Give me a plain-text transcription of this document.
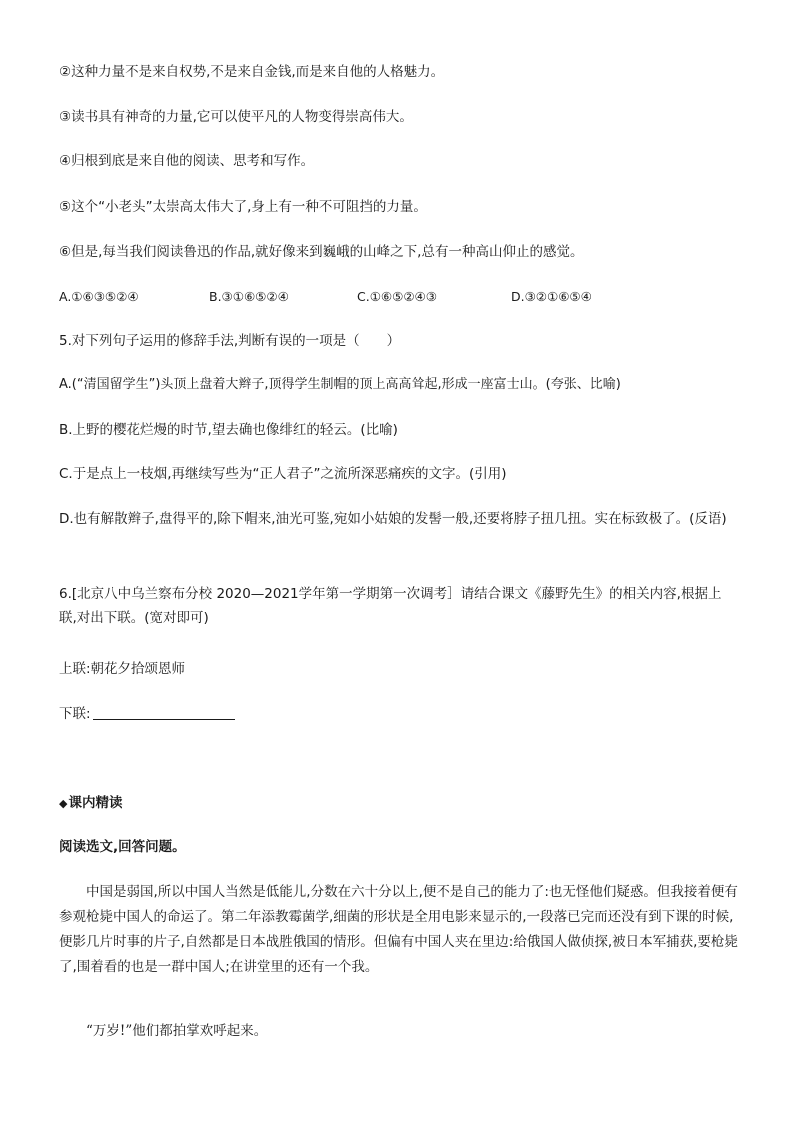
②这种力量不是来自权势,不是来自金钱,而是来自他的人格魅力。
③读书具有神奇的力量,它可以使平凡的人物变得崇高伟大。
④归根到底是来自他的阅读、思考和写作。
⑤这个“小老头”太崇高太伟大了,身上有一种不可阻挡的力量。
⑥但是,每当我们阅读鲁迅的作品,就好像来到巍峨的山峰之下,总有一种高山仰止的感觉。
A.①⑥③⑤②④	B.③①⑥⑤②④	C.①⑥⑤②④③	D.③②①⑥⑤④
5.对下列句子运用的修辞手法,判断有误的一项是（　　）
A.(“清国留学生”)头顶上盘着大辫子,顶得学生制帽的顶上高高耸起,形成一座富士山。(夸张、比喻)
B.上野的樱花烂熳的时节,望去确也像绯红的轻云。(比喻)
C.于是点上一枝烟,再继续写些为“正人君子”之流所深恶痛疾的文字。(引用)
D.也有解散辫子,盘得平的,除下帽来,油光可鉴,宛如小姑娘的发髻一般,还要将脖子扭几扭。实在标致极了。(反语)
6.[北京八中乌兰察布分校 2020—2021学年第一学期第一次调考］请结合课文《藤野先生》的相关内容,根据上联,对出下联。(宽对即可)
上联:朝花夕拾颂恩师
下联:
◆课内精读
阅读选文,回答问题。
中国是弱国,所以中国人当然是低能儿,分数在六十分以上,便不是自己的能力了:也无怪他们疑惑。但我接着便有参观枪毙中国人的命运了。第二年添教霉菌学,细菌的形状是全用电影来显示的,一段落已完而还没有到下课的时候,便影几片时事的片子,自然都是日本战胜俄国的情形。但偏有中国人夹在里边:给俄国人做侦探,被日本军捕获,要枪毙了,围着看的也是一群中国人;在讲堂里的还有一个我。
“万岁!”他们都拍掌欢呼起来。
